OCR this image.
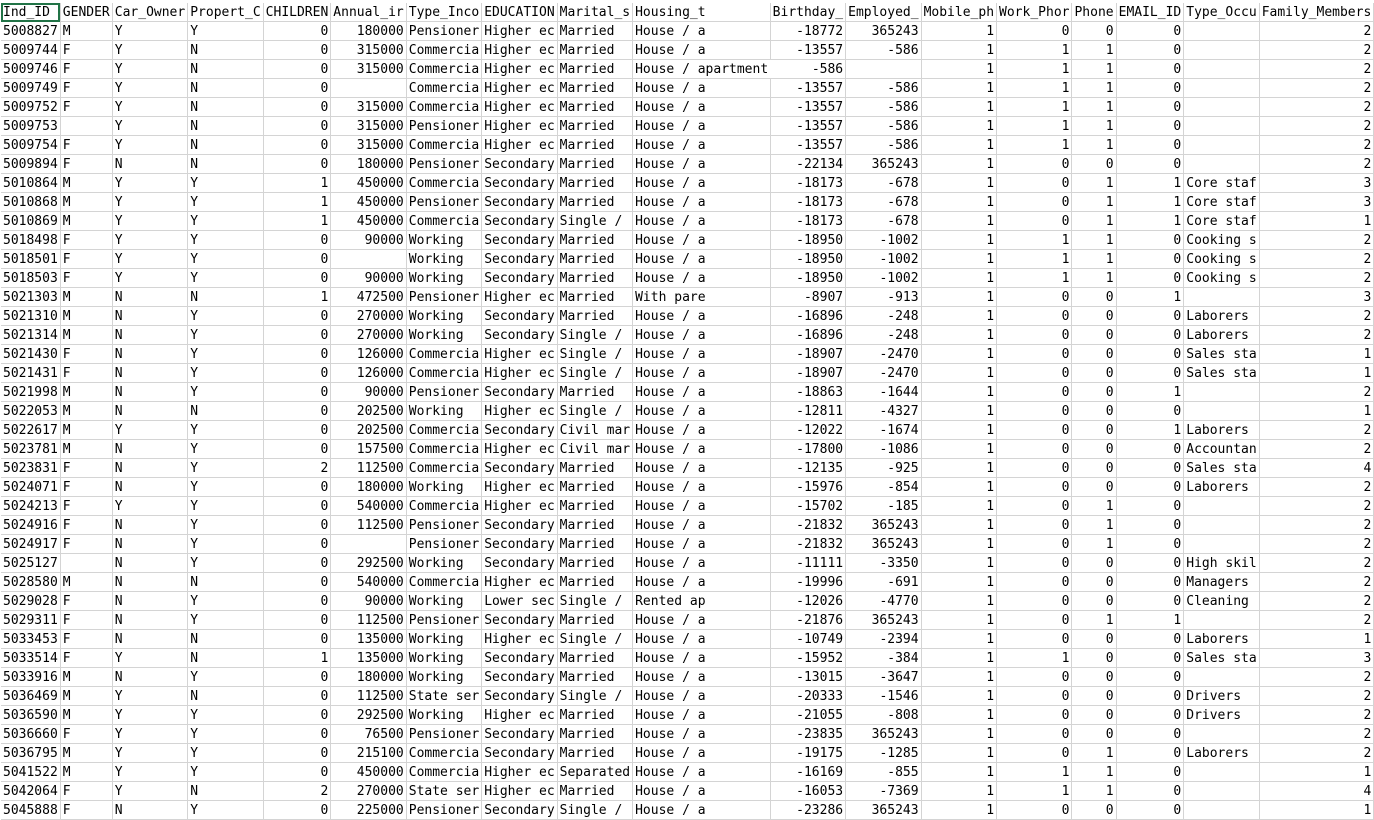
Ind_ID	GENDER	Car_Owner	Propert_C	CHILDREN	Annual_ir	Type_Inco	EDUCATION	Marital_s	Housing_t	Birthday_	Employed_	Mobile_ph	Work_Phor	Phone	EMAIL_ID	Type_Occu	Family_Members
5008827	M	Y	Y	0	180000	Pensioner	Higher ec	Married	House / a	-18772	365243	1	0	0	0		2
5009744	F	Y	N	0	315000	Commercia	Higher ec	Married	House / a	-13557	-586	1	1	1	0		2
5009746	F	Y	N	0	315000	Commercia	Higher ec	Married	House / apartment	-586		1	1	1	0		2
5009749	F	Y	N	0		Commercia	Higher ec	Married	House / a	-13557	-586	1	1	1	0		2
5009752	F	Y	N	0	315000	Commercia	Higher ec	Married	House / a	-13557	-586	1	1	1	0		2
5009753		Y	N	0	315000	Pensioner	Higher ec	Married	House / a	-13557	-586	1	1	1	0		2
5009754	F	Y	N	0	315000	Commercia	Higher ec	Married	House / a	-13557	-586	1	1	1	0		2
5009894	F	N	N	0	180000	Pensioner	Secondary	Married	House / a	-22134	365243	1	0	0	0		2
5010864	M	Y	Y	1	450000	Commercia	Secondary	Married	House / a	-18173	-678	1	0	1	1	Core staf	3
5010868	M	Y	Y	1	450000	Pensioner	Secondary	Married	House / a	-18173	-678	1	0	1	1	Core staf	3
5010869	M	Y	Y	1	450000	Commercia	Secondary	Single /	House / a	-18173	-678	1	0	1	1	Core staf	1
5018498	F	Y	Y	0	90000	Working	Secondary	Married	House / a	-18950	-1002	1	1	1	0	Cooking s	2
5018501	F	Y	Y	0		Working	Secondary	Married	House / a	-18950	-1002	1	1	1	0	Cooking s	2
5018503	F	Y	Y	0	90000	Working	Secondary	Married	House / a	-18950	-1002	1	1	1	0	Cooking s	2
5021303	M	N	N	1	472500	Pensioner	Higher ec	Married	With pare	-8907	-913	1	0	0	1		3
5021310	M	N	Y	0	270000	Working	Secondary	Married	House / a	-16896	-248	1	0	0	0	Laborers	2
5021314	M	N	Y	0	270000	Working	Secondary	Single /	House / a	-16896	-248	1	0	0	0	Laborers	2
5021430	F	N	Y	0	126000	Commercia	Higher ec	Single /	House / a	-18907	-2470	1	0	0	0	Sales sta	1
5021431	F	N	Y	0	126000	Commercia	Higher ec	Single /	House / a	-18907	-2470	1	0	0	0	Sales sta	1
5021998	M	N	Y	0	90000	Pensioner	Secondary	Married	House / a	-18863	-1644	1	0	0	1		2
5022053	M	N	N	0	202500	Working	Higher ec	Single /	House / a	-12811	-4327	1	0	0	0		1
5022617	M	Y	Y	0	202500	Commercia	Secondary	Civil mar	House / a	-12022	-1674	1	0	0	1	Laborers	2
5023781	M	N	Y	0	157500	Commercia	Higher ec	Civil mar	House / a	-17800	-1086	1	0	0	0	Accountan	2
5023831	F	N	Y	2	112500	Commercia	Secondary	Married	House / a	-12135	-925	1	0	0	0	Sales sta	4
5024071	F	N	Y	0	180000	Working	Higher ec	Married	House / a	-15976	-854	1	0	0	0	Laborers	2
5024213	F	Y	Y	0	540000	Commercia	Higher ec	Married	House / a	-15702	-185	1	0	1	0		2
5024916	F	N	Y	0	112500	Pensioner	Secondary	Married	House / a	-21832	365243	1	0	1	0		2
5024917	F	N	Y	0		Pensioner	Secondary	Married	House / a	-21832	365243	1	0	1	0		2
5025127		N	Y	0	292500	Working	Secondary	Married	House / a	-11111	-3350	1	0	0	0	High skil	2
5028580	M	N	N	0	540000	Commercia	Higher ec	Married	House / a	-19996	-691	1	0	0	0	Managers	2
5029028	F	N	Y	0	90000	Working	Lower sec	Single /	Rented ap	-12026	-4770	1	0	0	0	Cleaning	2
5029311	F	N	Y	0	112500	Pensioner	Secondary	Married	House / a	-21876	365243	1	0	1	1		2
5033453	F	N	N	0	135000	Working	Higher ec	Single /	House / a	-10749	-2394	1	0	0	0	Laborers	1
5033514	F	Y	N	1	135000	Working	Secondary	Married	House / a	-15952	-384	1	1	0	0	Sales sta	3
5033916	M	N	Y	0	180000	Working	Secondary	Married	House / a	-13015	-3647	1	0	0	0		2
5036469	M	Y	N	0	112500	State ser	Secondary	Single /	House / a	-20333	-1546	1	0	0	0	Drivers	2
5036590	M	Y	Y	0	292500	Working	Higher ec	Married	House / a	-21055	-808	1	0	0	0	Drivers	2
5036660	F	Y	Y	0	76500	Pensioner	Secondary	Married	House / a	-23835	365243	1	0	0	0		2
5036795	M	Y	Y	0	215100	Commercia	Secondary	Married	House / a	-19175	-1285	1	0	1	0	Laborers	2
5041522	M	Y	Y	0	450000	Commercia	Higher ec	Separated	House / a	-16169	-855	1	1	1	0		1
5042064	F	Y	N	2	270000	State ser	Higher ec	Married	House / a	-16053	-7369	1	1	1	0		4
5045888	F	N	Y	0	225000	Pensioner	Secondary	Single /	House / a	-23286	365243	1	0	0	0		1
